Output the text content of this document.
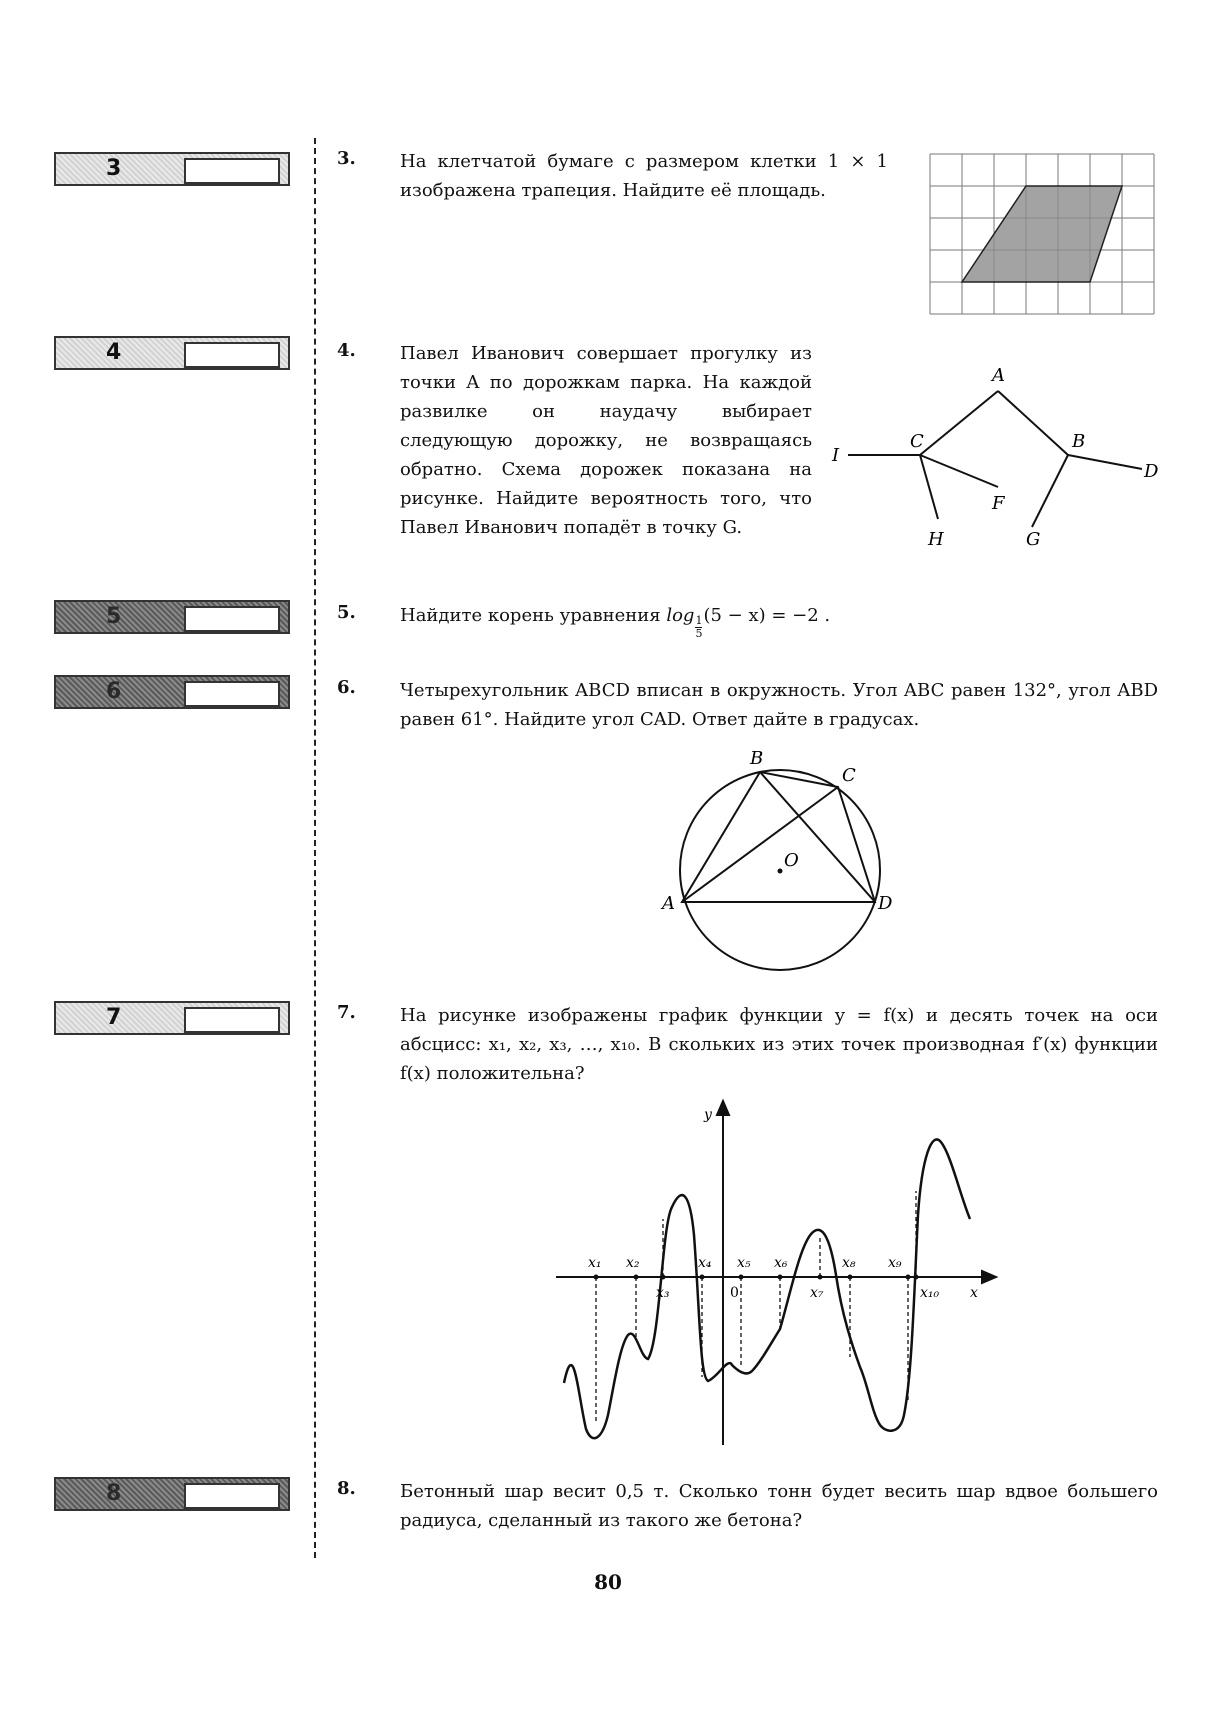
3
4
5
6
7
8
3. На клетчатой бумаге с размером клетки 1 × 1 изображена трапеция. Найдите её площадь.
4. Павел Иванович совершает прогулку из точки A по дорожкам парка. На каждой развилке он наудачу выбирает следующую дорожку, не возвращаясь обратно. Схема дорожек показана на рисунке. Найдите вероятность того, что Павел Иванович попадёт в точку G.
A
B
C
D
I
F
H	G
5. Найдите корень уравнения $\log \frac{1}{5} (5 - x) = -2$ .
6. Четырехугольник ABCD вписан в окружность. Угол ABC равен 132°, угол ABD равен 61°. Найдите угол CAD. Ответ дайте в градусах.
A
B
C
D
O
7. На рисунке изображены график функции y = f(x) и десять точек на оси абсцисс: x₁, x₂, x₃, …, x₁₀. В скольких из этих точек производная f′(x) функции f(x) положительна?
y
x
0
x₁ x₂
x₃
x₄ x₅ x₆
x₇
x₈ x₉
x₁₀
8. Бетонный шар весит 0,5 т. Сколько тонн будет весить шар вдвое большего радиуса, сделанный из такого же бетона?
80
